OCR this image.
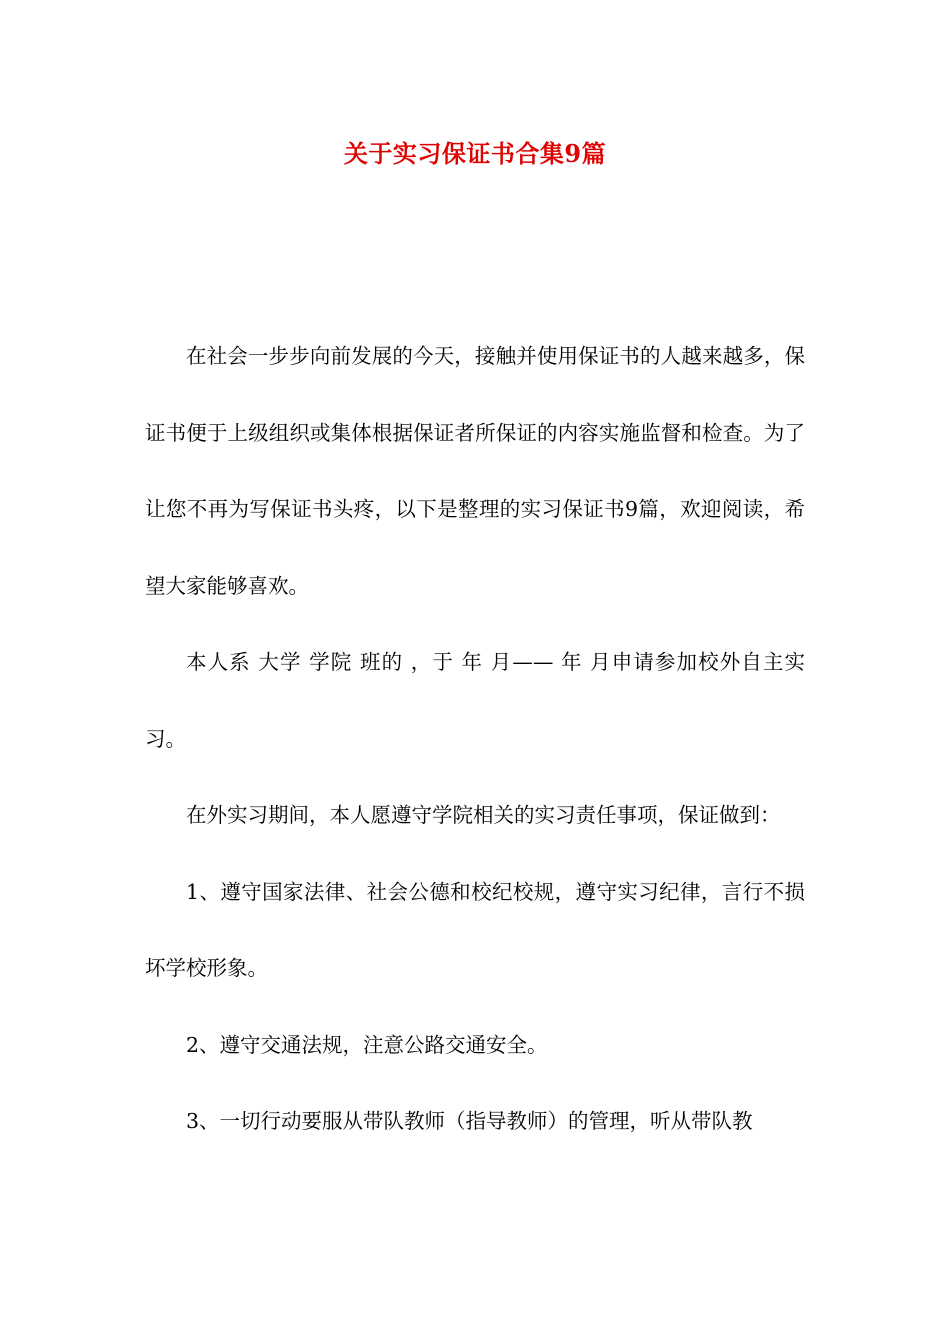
关于实习保证书合集9篇

在社会一步步向前发展的今天，接触并使用保证书的人越来越多，保证书便于上级组织或集体根据保证者所保证的内容实施监督和检查。为了让您不再为写保证书头疼，以下是整理的实习保证书9篇，欢迎阅读，希望大家能够喜欢。

本人系 大学 学院 班的 ，于 年 月—— 年 月申请参加校外自主实习。

在外实习期间，本人愿遵守学院相关的实习责任事项，保证做到：

1、遵守国家法律、社会公德和校纪校规，遵守实习纪律，言行不损坏学校形象。

2、遵守交通法规，注意公路交通安全。

3、一切行动要服从带队教师（指导教师）的管理，听从带队教
